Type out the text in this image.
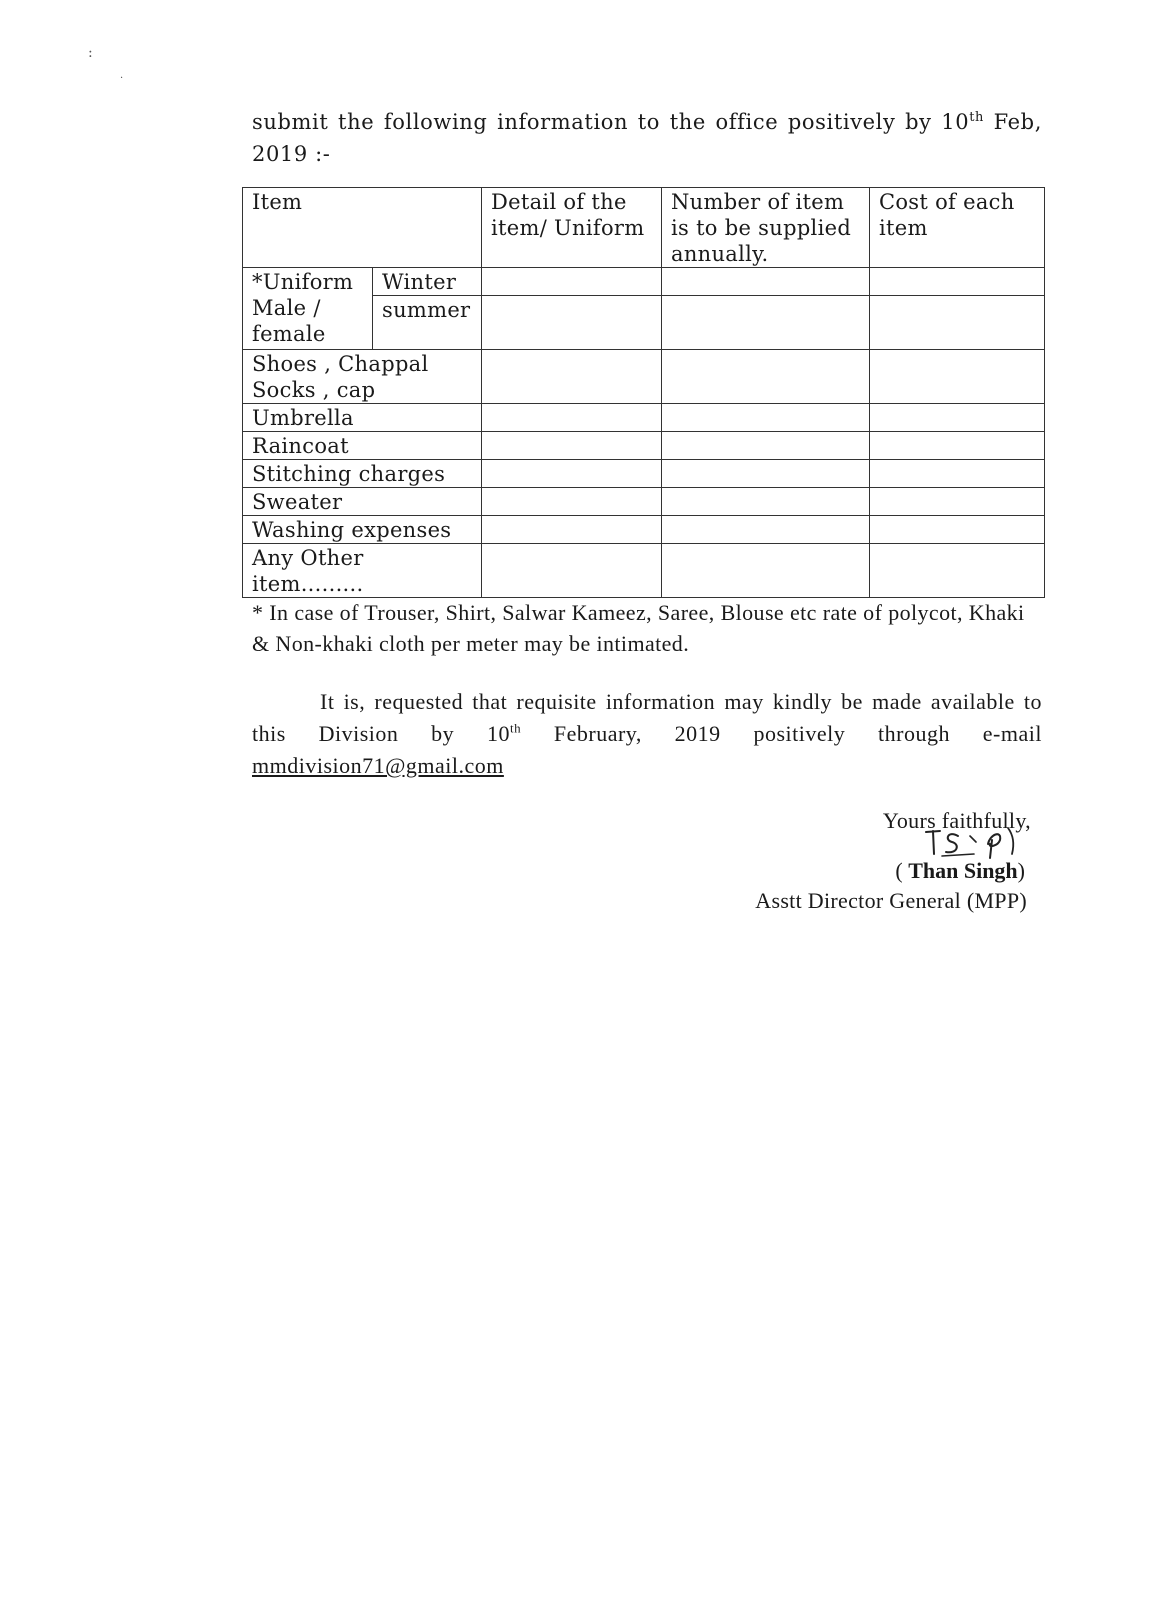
:
·
submit the following information to the office positively by 10th Feb, 2019 :-
Item		Detail of the item/ Uniform	Number of item is to be supplied annually.	Cost of each item
*Uniform Male / female	Winter			
	summer			
Shoes , Chappal Socks , cap				
Umbrella				
Raincoat				
Stitching charges				
Sweater				
Washing expenses				
Any Other item.........				
* In case of Trouser, Shirt, Salwar Kameez, Saree, Blouse etc rate of polycot, Khaki & Non-khaki cloth per meter may be intimated.
It is, requested that requisite information may kindly be made available to this Division by 10th February, 2019 positively through e-mail mmdivision71@gmail.com
Yours faithfully,
( Than Singh)
Asstt Director General (MPP)
